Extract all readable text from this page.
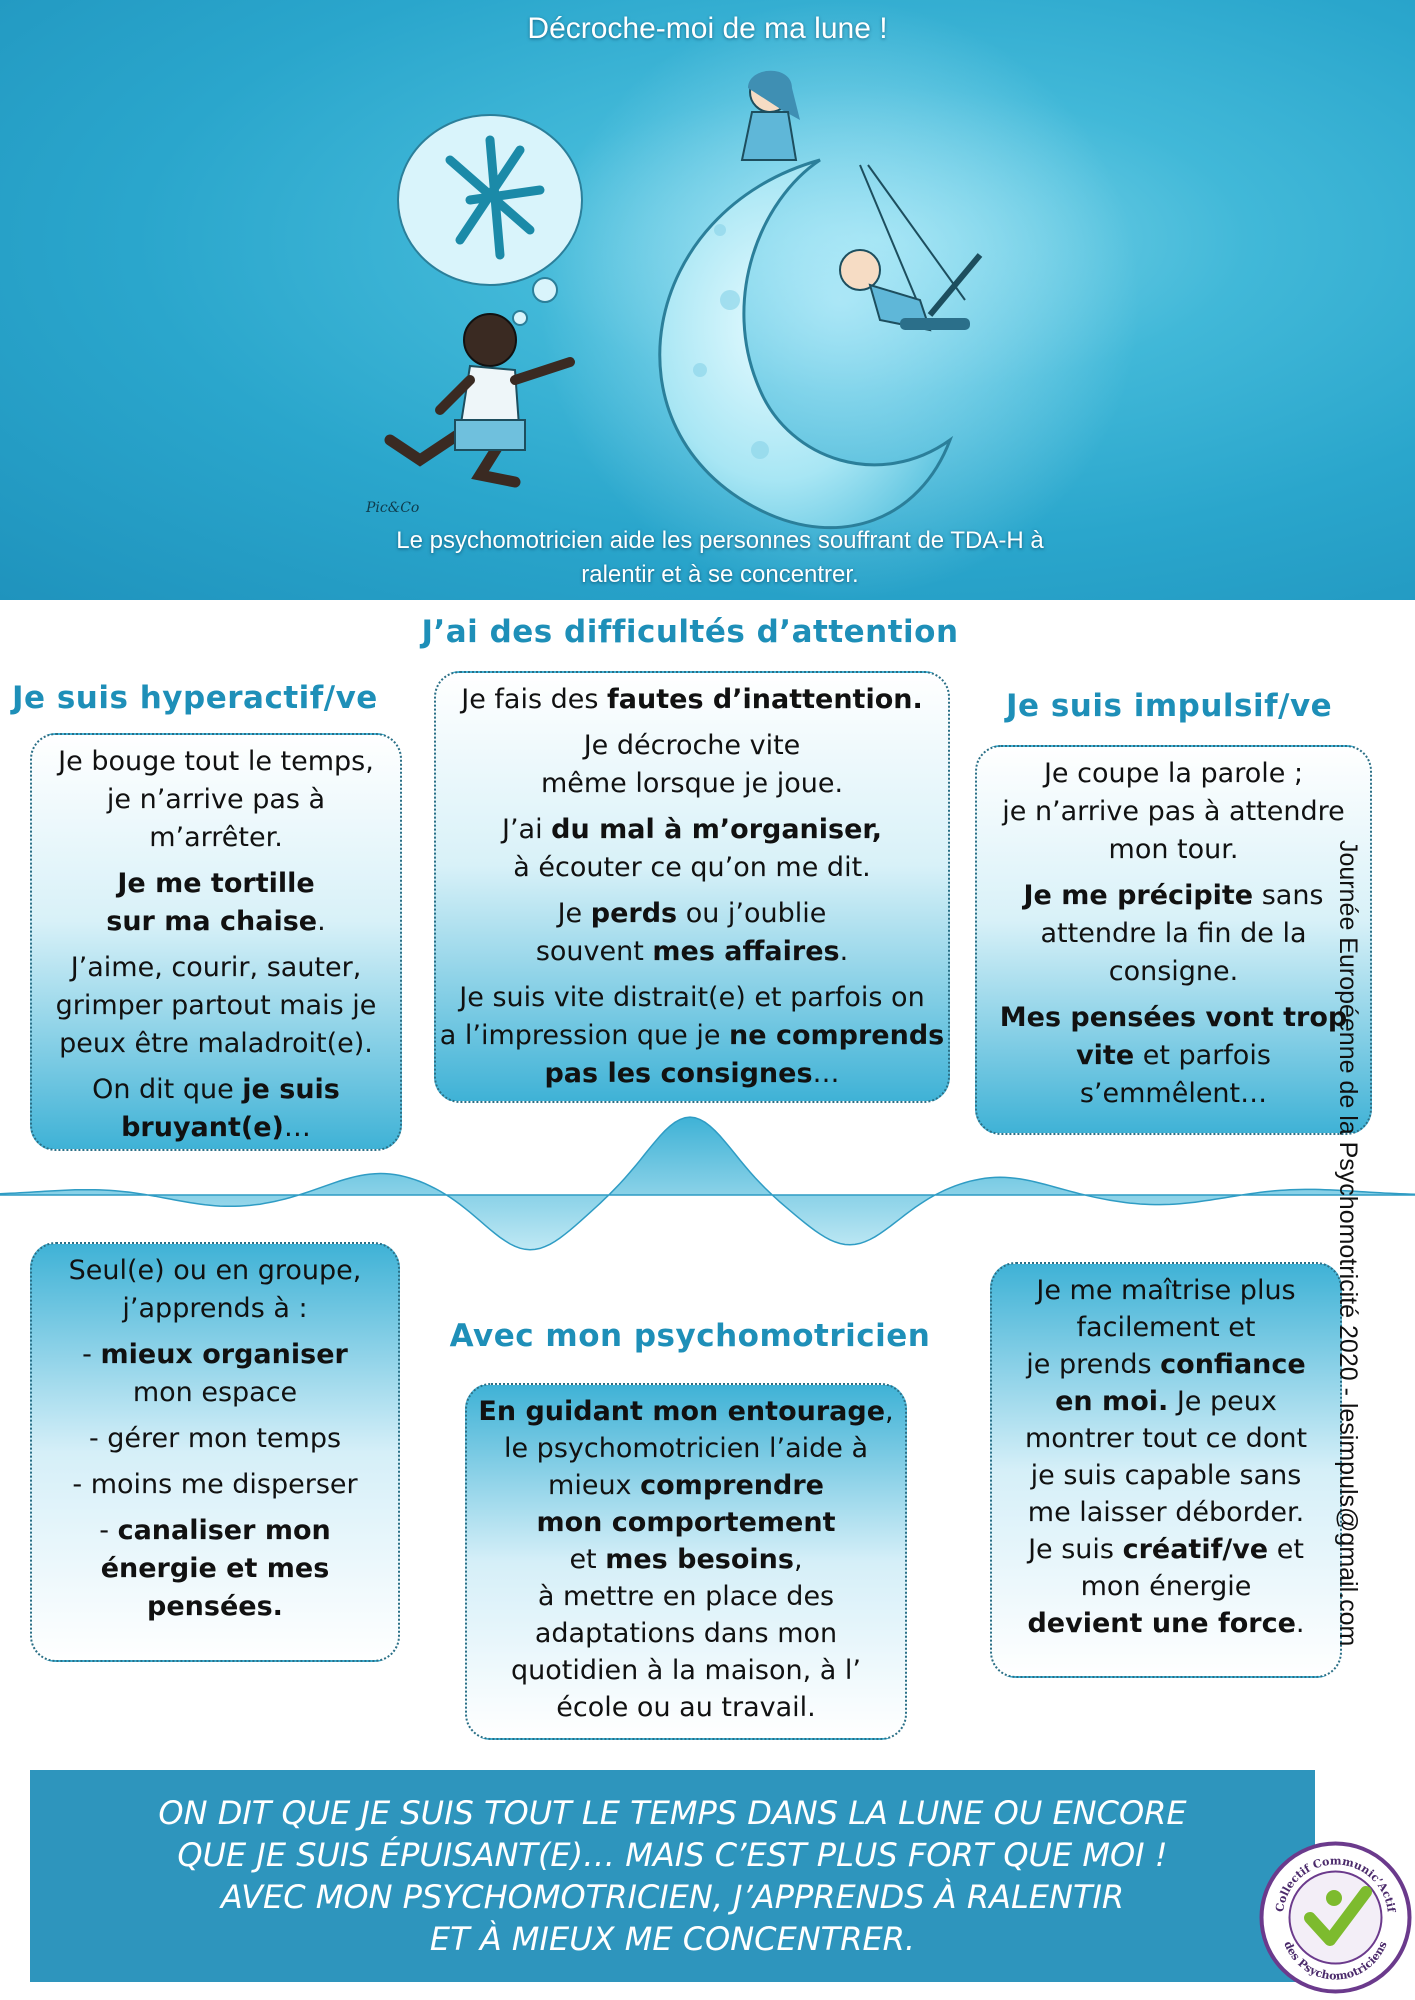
Décroche-moi de ma lune !
Pic&Co
Le psychomotricien aide les personnes souffrant de TDA-H à
ralentir et à se concentrer.
J’ai des difficultés d’attention
Je suis hyperactif/ve	Je suis impulsif/ve
Avec mon psychomotricien

Je bouge tout le temps,
je n’arrive pas à
m’arrêter.

Je me tortille
sur ma chaise.

J’aime, courir, sauter,
grimper partout mais je
peux être maladroit(e).

On dit que je suis
bruyant(e)…

Je fais des fautes d’inattention.

Je décroche vite
même lorsque je joue.

J’ai du mal à m’organiser,
à écouter ce qu’on me dit.

Je perds ou j’oublie
souvent mes affaires.

Je suis vite distrait(e) et parfois on
a l’impression que je ne comprends
pas les consignes…

Je coupe la parole ;
je n’arrive pas à attendre
mon tour.

Je me précipite sans
attendre la fin de la
consigne.

Mes pensées vont trop
vite et parfois
s’emmêlent…

Seul(e) ou en groupe,
j’apprends à :

- mieux organiser
mon espace

- gérer mon temps

- moins me disperser

- canaliser mon
énergie et mes
pensées.

En guidant mon entourage,
le psychomotricien l’aide à
mieux comprendre
mon comportement
et mes besoins,
à mettre en place des
adaptations dans mon
quotidien à la maison, à l’
école ou au travail.
Je me maîtrise plus
facilement et
je prends confiance
en moi. Je peux
montrer tout ce dont
je suis capable sans
me laisser déborder.
Je suis créatif/ve et
mon énergie
devient une force.	Journée Européenne de la Psychomotricité 2020 - lesimpuls@gmail.com
ON DIT QUE JE SUIS TOUT LE TEMPS DANS LA LUNE OU ENCORE
QUE JE SUIS ÉPUISANT(E)… MAIS C’EST PLUS FORT QUE MOI !
AVEC MON PSYCHOMOTRICIEN, J’APPRENDS À RALENTIR
ET À MIEUX ME CONCENTRER.
Collectif Communic’Actif
des Psychomotriciens
